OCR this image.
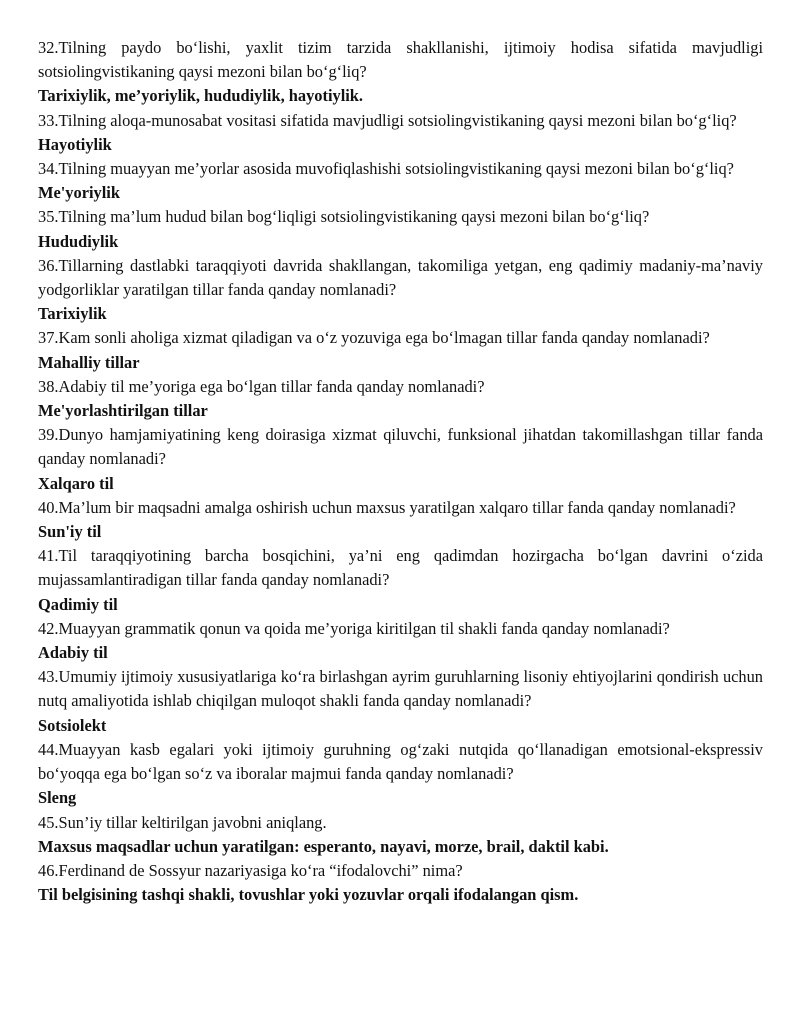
32.Tilning paydo bo‘lishi, yaxlit tizim tarzida shakllanishi, ijtimoiy hodisa sifatida mavjudligi sotsiolingvistikaning qaysi mezoni bilan bo‘g‘liq?

Tarixiylik, me’yoriylik, hududiylik, hayotiylik.

33.Tilning aloqa-munosabat vositasi sifatida mavjudligi sotsiolingvistikaning qaysi mezoni bilan bo‘g‘liq?

Hayotiylik

34.Tilning muayyan me’yorlar asosida muvofiqlashishi sotsiolingvistikaning qaysi mezoni bilan bo‘g‘liq?

Me'yoriylik

35.Tilning ma’lum hudud bilan bog‘liqligi sotsiolingvistikaning qaysi mezoni bilan bo‘g‘liq?

Hududiylik

36.Tillarning dastlabki taraqqiyoti davrida shakllangan, takomiliga yetgan, eng qadimiy madaniy-ma’naviy yodgorliklar yaratilgan tillar fanda qanday nomlanadi?

Tarixiylik

37.Kam sonli aholiga xizmat qiladigan va o‘z yozuviga ega bo‘lmagan tillar fanda qanday nomlanadi?

Mahalliy tillar

38.Adabiy til me’yoriga ega bo‘lgan tillar fanda qanday nomlanadi?

Me'yorlashtirilgan tillar

39.Dunyo hamjamiyatining keng doirasiga xizmat qiluvchi, funksional jihatdan takomillashgan tillar fanda qanday nomlanadi?

Xalqaro til

40.Ma’lum bir maqsadni amalga oshirish uchun maxsus yaratilgan xalqaro tillar fanda qanday nomlanadi?

Sun'iy til

41.Til taraqqiyotining barcha bosqichini, ya’ni eng qadimdan hozirgacha bo‘lgan davrini o‘zida mujassamlantiradigan tillar fanda qanday nomlanadi?

Qadimiy til

42.Muayyan grammatik qonun va qoida me’yoriga kiritilgan til shakli fanda qanday nomlanadi?

Adabiy til

43.Umumiy ijtimoiy xususiyatlariga ko‘ra birlashgan ayrim guruhlarning lisoniy ehtiyojlarini qondirish uchun nutq amaliyotida ishlab chiqilgan muloqot shakli fanda qanday nomlanadi?

Sotsiolekt

44.Muayyan kasb egalari yoki ijtimoiy guruhning og‘zaki nutqida qo‘llanadigan emotsional-ekspressiv bo‘yoqqa ega bo‘lgan so‘z va iboralar majmui fanda qanday nomlanadi?

Sleng

45.Sun’iy tillar keltirilgan javobni aniqlang.

Maxsus maqsadlar uchun yaratilgan: esperanto, nayavi, morze, brail, daktil kabi.

46.Ferdinand de Sossyur nazariyasiga ko‘ra “ifodalovchi” nima?

Til belgisining tashqi shakli, tovushlar yoki yozuvlar orqali ifodalangan qism.
